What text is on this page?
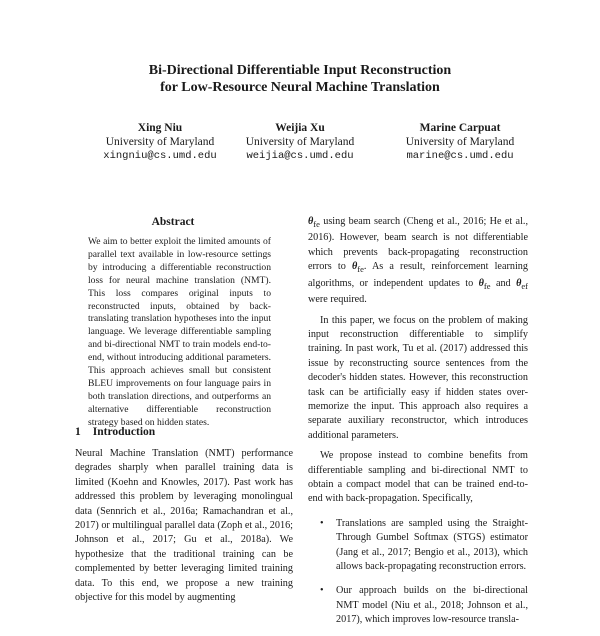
Bi-Directional Differentiable Input Reconstruction
for Low-Resource Neural Machine Translation
Xing Niu
University of Maryland
xingniu@cs.umd.edu
Weijia Xu
University of Maryland
weijia@cs.umd.edu
Marine Carpuat
University of Maryland
marine@cs.umd.edu
Abstract
We aim to better exploit the limited amounts of parallel text available in low-resource settings by introducing a differentiable reconstruction loss for neural machine translation (NMT). This loss compares original inputs to reconstructed inputs, obtained by back-translating translation hypotheses into the input language. We leverage differentiable sampling and bi-directional NMT to train models end-to-end, without introducing additional parameters. This approach achieves small but consistent BLEU improvements on four language pairs in both translation directions, and outperforms an alternative differentiable reconstruction strategy based on hidden states.
1 Introduction
Neural Machine Translation (NMT) performance degrades sharply when parallel training data is limited (Koehn and Knowles, 2017). Past work has addressed this problem by leveraging monolingual data (Sennrich et al., 2016a; Ramachandran et al., 2017) or multilingual parallel data (Zoph et al., 2016; Johnson et al., 2017; Gu et al., 2018a). We hypothesize that the traditional training can be complemented by better leveraging limited training data. To this end, we propose a new training objective for this model by augmenting

$\theta_{fe}$ using beam search (Cheng et al., 2016; He et al., 2016). However, beam search is not differentiable which prevents back-propagating reconstruction errors to $\theta_{fe}$. As a result, reinforcement learning algorithms, or independent updates to $\theta_{fe}$ and $\theta_{ef}$ were required.

In this paper, we focus on the problem of making input reconstruction differentiable to simplify training. In past work, Tu et al. (2017) addressed this issue by reconstructing source sentences from the decoder's hidden states. However, this reconstruction task can be artificially easy if hidden states over-memorize the input. This approach also requires a separate auxiliary reconstructor, which introduces additional parameters.

We propose instead to combine benefits from differentiable sampling and bi-directional NMT to obtain a compact model that can be trained end-to-end with back-propagation. Specifically,

• Translations are sampled using the Straight-Through Gumbel Softmax (STGS) estimator (Jang et al., 2017; Bengio et al., 2013), which allows back-propagating reconstruction errors.
• Our approach builds on the bi-directional NMT model (Niu et al., 2018; Johnson et al., 2017), which improves low-resource transla-
